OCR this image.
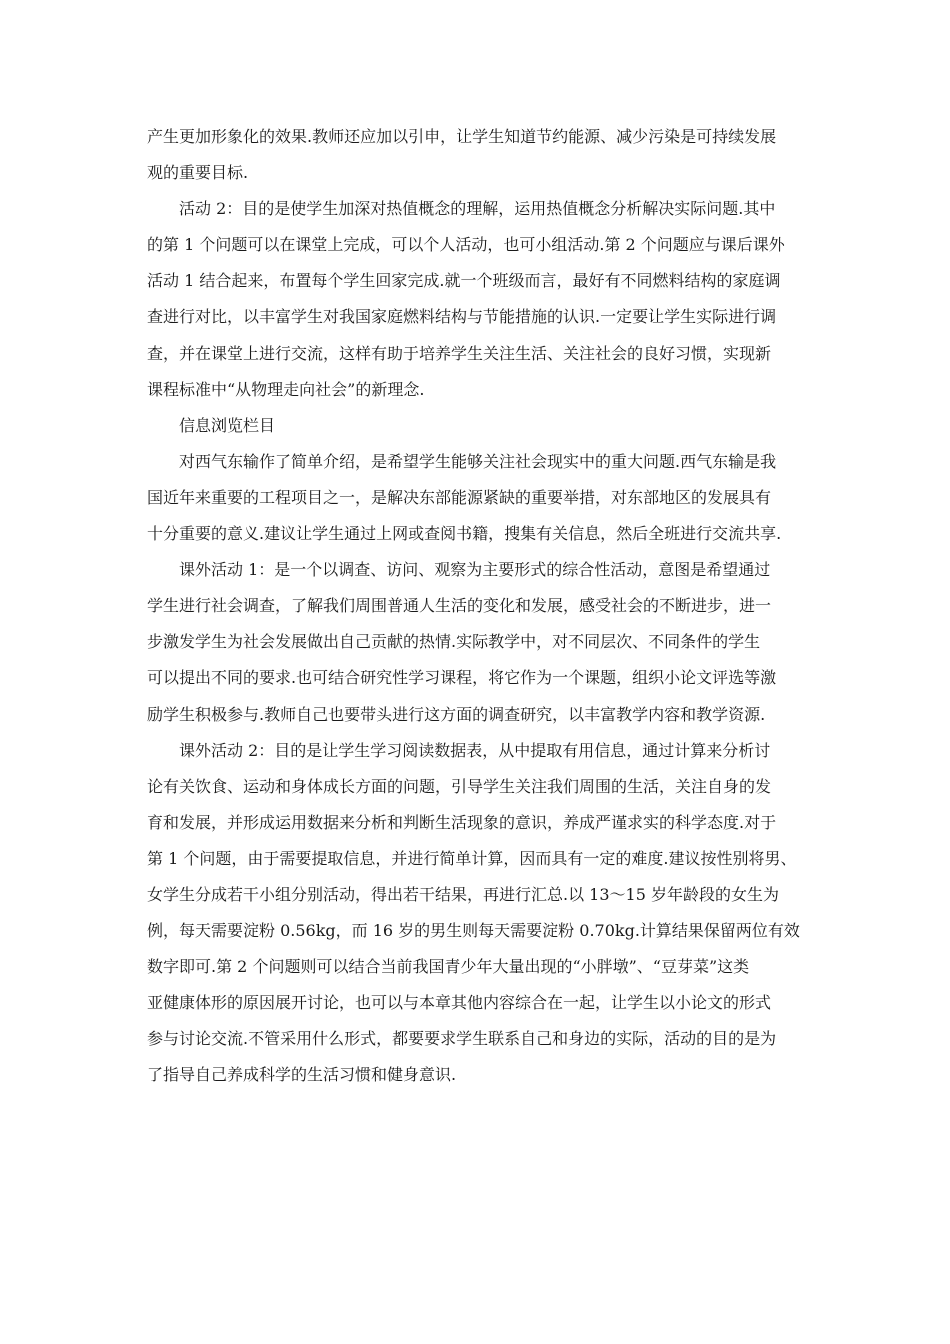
产生更加形象化的效果.教师还应加以引申，让学生知道节约能源、减少污染是可持续发展
观的重要目标.
活动 2：目的是使学生加深对热值概念的理解，运用热值概念分析解决实际问题.其中
的第 1 个问题可以在课堂上完成，可以个人活动，也可小组活动.第 2 个问题应与课后课外
活动 1 结合起来，布置每个学生回家完成.就一个班级而言，最好有不同燃料结构的家庭调
查进行对比，以丰富学生对我国家庭燃料结构与节能措施的认识.一定要让学生实际进行调
查，并在课堂上进行交流，这样有助于培养学生关注生活、关注社会的良好习惯，实现新
课程标准中“从物理走向社会”的新理念.
信息浏览栏目
对西气东输作了简单介绍，是希望学生能够关注社会现实中的重大问题.西气东输是我
国近年来重要的工程项目之一，是解决东部能源紧缺的重要举措，对东部地区的发展具有
十分重要的意义.建议让学生通过上网或查阅书籍，搜集有关信息，然后全班进行交流共享.
课外活动 1：是一个以调查、访问、观察为主要形式的综合性活动，意图是希望通过
学生进行社会调查，了解我们周围普通人生活的变化和发展，感受社会的不断进步，进一
步激发学生为社会发展做出自己贡献的热情.实际教学中，对不同层次、不同条件的学生
可以提出不同的要求.也可结合研究性学习课程，将它作为一个课题，组织小论文评选等激
励学生积极参与.教师自己也要带头进行这方面的调查研究，以丰富教学内容和教学资源.
课外活动 2：目的是让学生学习阅读数据表，从中提取有用信息，通过计算来分析讨
论有关饮食、运动和身体成长方面的问题，引导学生关注我们周围的生活，关注自身的发
育和发展，并形成运用数据来分析和判断生活现象的意识，养成严谨求实的科学态度.对于
第 1 个问题，由于需要提取信息，并进行简单计算，因而具有一定的难度.建议按性别将男、
女学生分成若干小组分别活动，得出若干结果，再进行汇总.以 13～15 岁年龄段的女生为
例，每天需要淀粉 0.56kg，而 16 岁的男生则每天需要淀粉 0.70kg.计算结果保留两位有效
数字即可.第 2 个问题则可以结合当前我国青少年大量出现的“小胖墩”、“豆芽菜”这类
亚健康体形的原因展开讨论，也可以与本章其他内容综合在一起，让学生以小论文的形式
参与讨论交流.不管采用什么形式，都要要求学生联系自己和身边的实际，活动的目的是为
了指导自己养成科学的生活习惯和健身意识.
